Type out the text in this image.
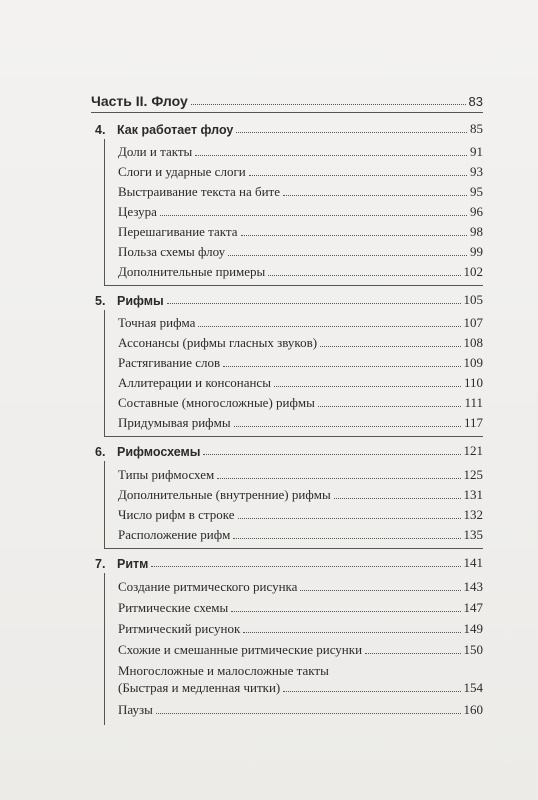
Часть II. Флоу	83
4. Как работает флоу	85
Доли и такты	91
Слоги и ударные слоги	93
Выстраивание текста на бите	95
Цезура	96
Перешагивание такта	98
Польза схемы флоу	99
Дополнительные примеры	102
5. Рифмы	105
Точная рифма	107
Ассонансы (рифмы гласных звуков)	108
Растягивание слов	109
Аллитерации и консонансы	110
Составные (многосложные) рифмы	111
Придумывая рифмы	117
6. Рифмосхемы	121
Типы рифмосхем	125
Дополнительные (внутренние) рифмы	131
Число рифм в строке	132
Расположение рифм	135
7. Ритм	141
Создание ритмического рисунка	143
Ритмические схемы	147
Ритмический рисунок	149
Схожие и смешанные ритмические рисунки	150
Многосложные и малосложные такты
(Быстрая и медленная читки)	154
Паузы	160
